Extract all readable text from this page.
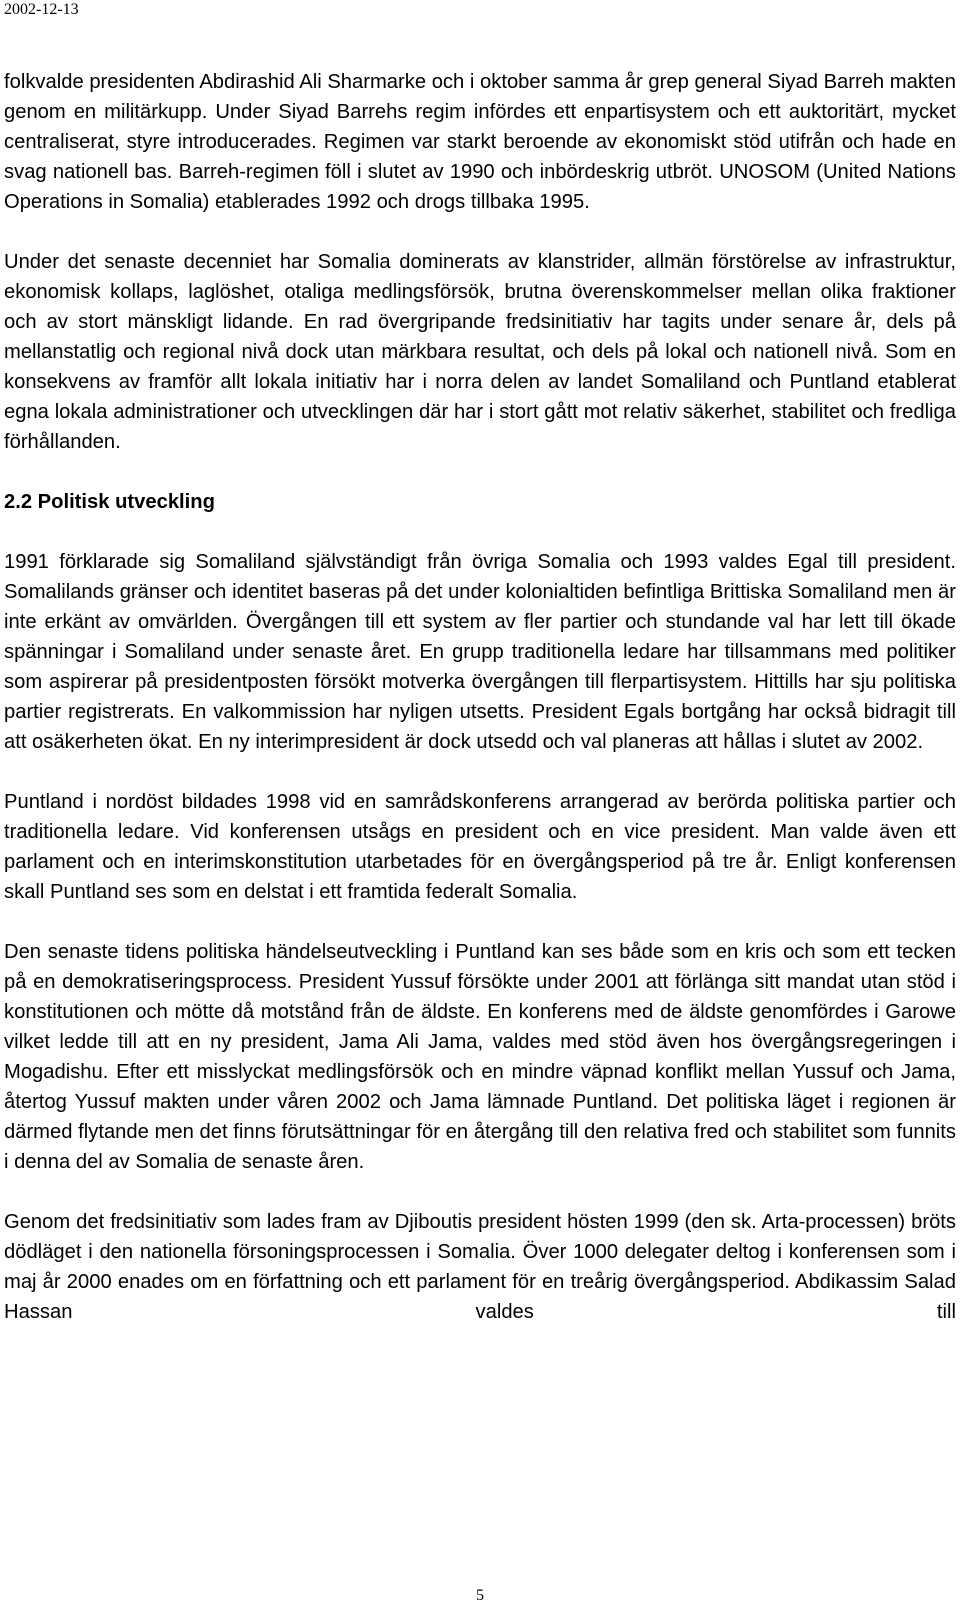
2002-12-13

folkvalde presidenten Abdirashid Ali Sharmarke och i oktober samma år grep general Siyad Barreh makten genom en militärkupp. Under Siyad Barrehs regim infördes ett enpartisystem och ett auktoritärt, mycket centraliserat, styre introducerades. Regimen var starkt beroende av ekonomiskt stöd utifrån och hade en svag nationell bas. Barreh-regimen föll i slutet av 1990 och inbördeskrig utbröt. UNOSOM (United Nations Operations in Somalia) etablerades 1992 och drogs tillbaka 1995.

Under det senaste decenniet har Somalia dominerats av klanstrider, allmän förstörelse av infrastruktur, ekonomisk kollaps, laglöshet, otaliga medlingsförsök, brutna överenskommelser mellan olika fraktioner och av stort mänskligt lidande. En rad övergripande fredsinitiativ har tagits under senare år, dels på mellanstatlig och regional nivå dock utan märkbara resultat, och dels på lokal och nationell nivå. Som en konsekvens av framför allt lokala initiativ har i norra delen av landet Somaliland och Puntland etablerat egna lokala administrationer och utvecklingen där har i stort gått mot relativ säkerhet, stabilitet och fredliga förhållanden.

2.2 Politisk utveckling

1991 förklarade sig Somaliland självständigt från övriga Somalia och 1993 valdes Egal till president. Somalilands gränser och identitet baseras på det under kolonialtiden befintliga Brittiska Somaliland men är inte erkänt av omvärlden. Övergången till ett system av fler partier och stundande val har lett till ökade spänningar i Somaliland under senaste året. En grupp traditionella ledare har tillsammans med politiker som aspirerar på presidentposten försökt motverka övergången till flerpartisystem. Hittills har sju politiska partier registrerats. En valkommission har nyligen utsetts. President Egals bortgång har också bidragit till att osäkerheten ökat. En ny interimpresident är dock utsedd och val planeras att hållas i slutet av 2002.

Puntland i nordöst bildades 1998 vid en samrådskonferens arrangerad av berörda politiska partier och traditionella ledare. Vid konferensen utsågs en president och en vice president. Man valde även ett parlament och en interimskonstitution utarbetades för en övergångsperiod på tre år. Enligt konferensen skall Puntland ses som en delstat i ett framtida federalt Somalia.

Den senaste tidens politiska händelseutveckling i Puntland kan ses både som en kris och som ett tecken på en demokratiseringsprocess. President Yussuf försökte under 2001 att förlänga sitt mandat utan stöd i konstitutionen och mötte då motstånd från de äldste. En konferens med de äldste genomfördes i Garowe vilket ledde till att en ny president, Jama Ali Jama, valdes med stöd även hos övergångsregeringen i Mogadishu. Efter ett misslyckat medlingsförsök och en mindre väpnad konflikt mellan Yussuf och Jama, återtog Yussuf makten under våren 2002 och Jama lämnade Puntland. Det politiska läget i regionen är därmed flytande men det finns förutsättningar för en återgång till den relativa fred och stabilitet som funnits i denna del av Somalia de senaste åren.

Genom det fredsinitiativ som lades fram av Djiboutis president hösten 1999 (den sk. Arta-processen) bröts dödläget i den nationella försoningsprocessen i Somalia. Över 1000 delegater deltog i konferensen som i maj år 2000 enades om en författning och ett parlament för en treårig övergångsperiod. Abdikassim Salad Hassan valdes till

5
